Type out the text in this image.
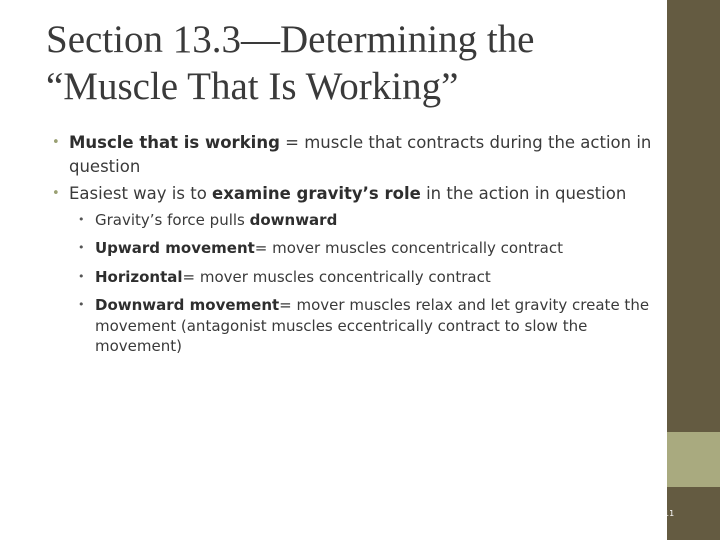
Section 13.3—Determining the
“Muscle That Is Working”
• Muscle that is working = muscle that contracts during the action in question
• Easiest way is to examine gravity’s role in the action in question
• Gravity’s force pulls downward
• Upward movement= mover muscles concentrically contract
• Horizontal= mover muscles concentrically contract
• Downward movement= mover muscles relax and let gravity create the movement (antagonist muscles eccentrically contract to slow the movement)
11
